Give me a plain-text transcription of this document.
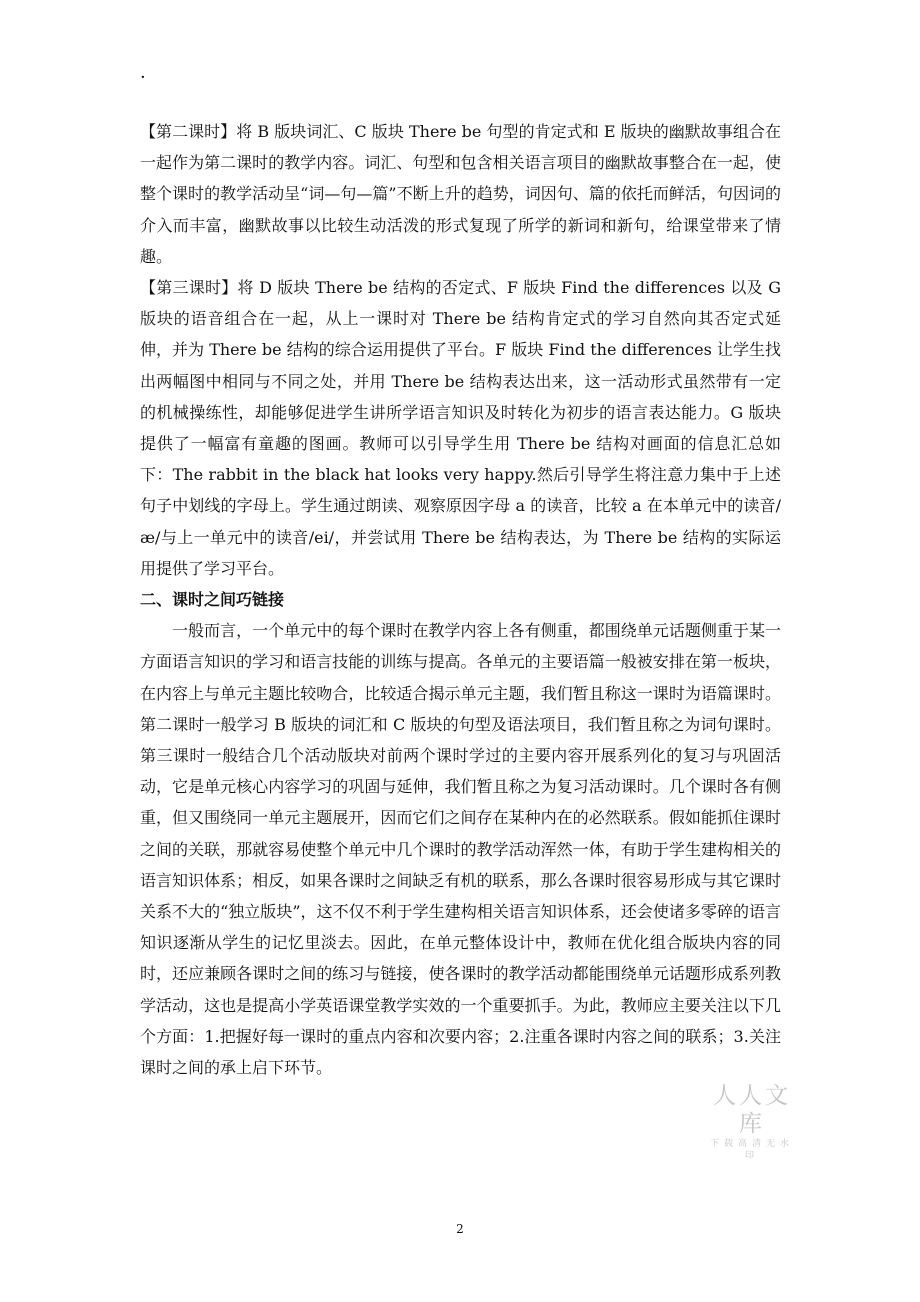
·

【第二课时】将 B 版块词汇、C 版块 There be 句型的肯定式和 E 版块的幽默故事组合在一起作为第二课时的教学内容。词汇、句型和包含相关语言项目的幽默故事整合在一起，使整个课时的教学活动呈“词—句—篇”不断上升的趋势，词因句、篇的依托而鲜活，句因词的介入而丰富，幽默故事以比较生动活泼的形式复现了所学的新词和新句，给课堂带来了情趣。

【第三课时】将 D 版块 There be 结构的否定式、F 版块 Find the differences 以及 G 版块的语音组合在一起，从上一课时对 There be 结构肯定式的学习自然向其否定式延伸，并为 There be 结构的综合运用提供了平台。F 版块 Find the differences 让学生找出两幅图中相同与不同之处，并用 There be 结构表达出来，这一活动形式虽然带有一定的机械操练性，却能够促进学生讲所学语言知识及时转化为初步的语言表达能力。G 版块提供了一幅富有童趣的图画。教师可以引导学生用 There be 结构对画面的信息汇总如下：The rabbit in the black hat looks very happy.然后引导学生将注意力集中于上述句子中划线的字母上。学生通过朗读、观察原因字母 a 的读音，比较 a 在本单元中的读音/æ/与上一单元中的读音/ei/，并尝试用 There be 结构表达，为 There be 结构的实际运用提供了学习平台。

二、课时之间巧链接

一般而言，一个单元中的每个课时在教学内容上各有侧重，都围绕单元话题侧重于某一方面语言知识的学习和语言技能的训练与提高。各单元的主要语篇一般被安排在第一板块，在内容上与单元主题比较吻合，比较适合揭示单元主题，我们暂且称这一课时为语篇课时。第二课时一般学习 B 版块的词汇和 C 版块的句型及语法项目，我们暂且称之为词句课时。第三课时一般结合几个活动版块对前两个课时学过的主要内容开展系列化的复习与巩固活动，它是单元核心内容学习的巩固与延伸，我们暂且称之为复习活动课时。几个课时各有侧重，但又围绕同一单元主题展开，因而它们之间存在某种内在的必然联系。假如能抓住课时之间的关联，那就容易使整个单元中几个课时的教学活动浑然一体，有助于学生建构相关的语言知识体系；相反，如果各课时之间缺乏有机的联系，那么各课时很容易形成与其它课时关系不大的“独立版块”，这不仅不利于学生建构相关语言知识体系，还会使诸多零碎的语言知识逐渐从学生的记忆里淡去。因此，在单元整体设计中，教师在优化组合版块内容的同时，还应兼顾各课时之间的练习与链接，使各课时的教学活动都能围绕单元话题形成系列教学活动，这也是提高小学英语课堂教学实效的一个重要抓手。为此，教师应主要关注以下几个方面：1.把握好每一课时的重点内容和次要内容；2.注重各课时内容之间的联系；3.关注课时之间的承上启下环节。

2
人人文库
下载高清无水印
